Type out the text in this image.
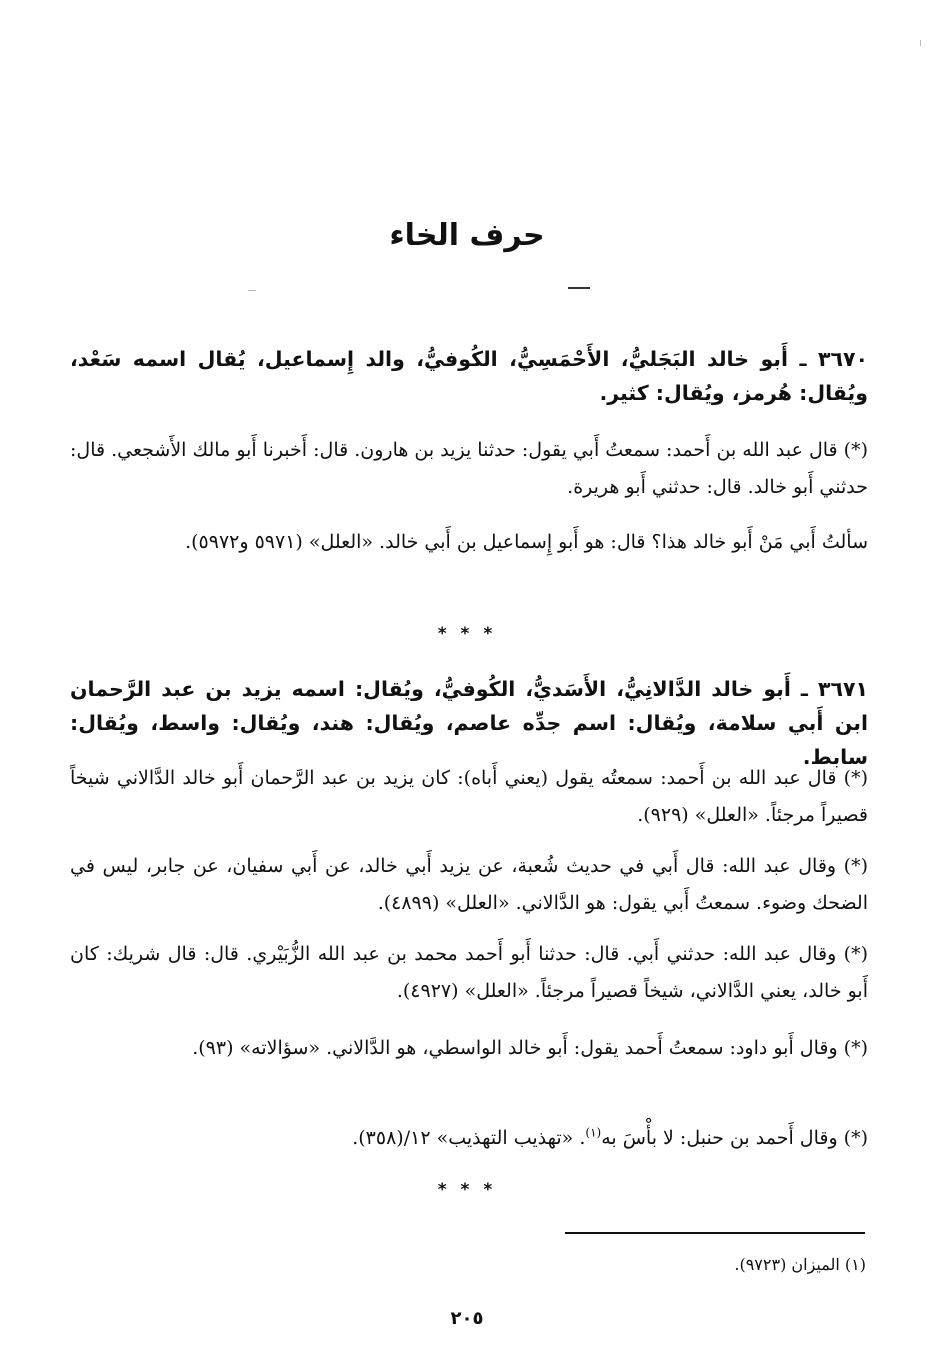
حرف الخاء

٣٦٧٠ ـ أَبو خالد البَجَليُّ، الأَحْمَسِيُّ، الكُوفيُّ، والد إِسماعيل، يُقال اسمه سَعْد، ويُقال: هُرمز، ويُقال: كثير.

(*) قال عبد الله بن أَحمد: سمعتُ أَبي يقول: حدثنا يزيد بن هارون. قال: أَخبرنا أَبو مالك الأَشجعي. قال: حدثني أَبو خالد. قال: حدثني أَبو هريرة.

سألتُ أَبي مَنْ أَبو خالد هذا؟ قال: هو أَبو إِسماعيل بن أَبي خالد. «العلل» (٥٩٧١ و٥٩٧٢).

* * *

٣٦٧١ ـ أَبو خالد الدَّالانِيُّ، الأَسَديُّ، الكُوفيُّ، ويُقال: اسمه يزيد بن عبد الرَّحمان ابن أَبي سلامة، ويُقال: اسم جدِّه عاصم، ويُقال: هند، ويُقال: واسط، ويُقال: سابط.

(*) قال عبد الله بن أَحمد: سمعتُه يقول (يعني أَباه): كان يزيد بن عبد الرَّحمان أَبو خالد الدَّالاني شيخاً قصيراً مرجئاً. «العلل» (٩٢٩).

(*) وقال عبد الله: قال أَبي في حديث شُعبة، عن يزيد أَبي خالد، عن أَبي سفيان، عن جابر، ليس في الضحك وضوء. سمعتُ أَبي يقول: هو الدَّالاني. «العلل» (٤٨٩٩).

(*) وقال عبد الله: حدثني أَبي. قال: حدثنا أَبو أَحمد محمد بن عبد الله الزُّبَيْري. قال: قال شريك: كان أَبو خالد، يعني الدَّالاني، شيخاً قصيراً مرجئاً. «العلل» (٤٩٢٧).

(*) وقال أَبو داود: سمعتُ أَحمد يقول: أَبو خالد الواسطي، هو الدَّالاني. «سؤالاته» (٩٣).

(*) وقال أَحمد بن حنبل: لا بأْسَ به$^{(١)}$. «تهذيب التهذيب» ١٢/(٣٥٨).

* * *
(١) الميزان (٩٧٢٣).
٢٠٥
